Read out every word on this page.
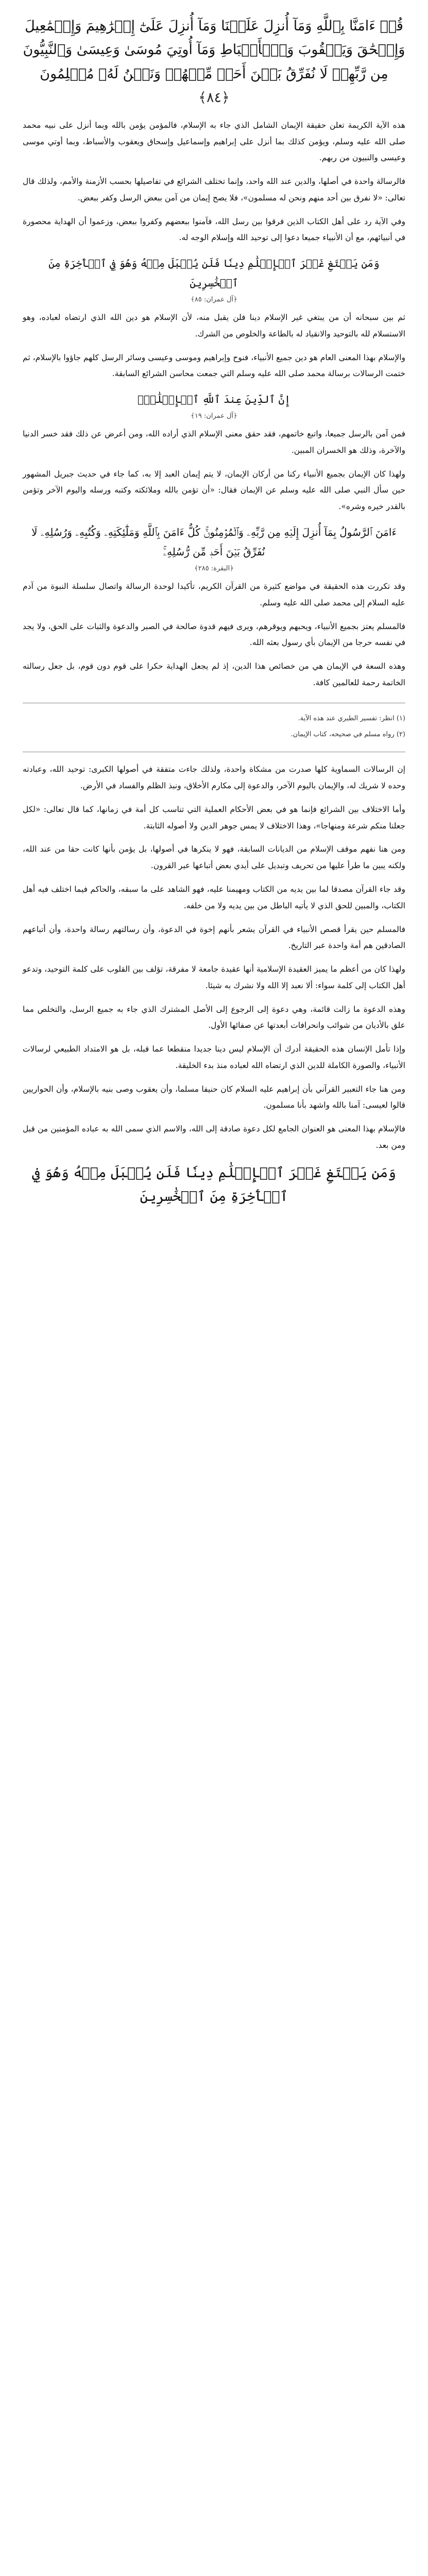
قُلۡ ءَامَنَّا بِٱللَّهِ وَمَآ أُنزِلَ عَلَيۡنَا وَمَآ أُنزِلَ عَلَىٰٓ إِبۡرَٰهِيمَ وَإِسۡمَٰعِيلَ وَإِسۡحَٰقَ وَيَعۡقُوبَ وَٱلۡأَسۡبَاطِ وَمَآ أُوتِيَ مُوسَىٰ وَعِيسَىٰ وَٱلنَّبِيُّونَ مِن رَّبِّهِمۡ لَا نُفَرِّقُ بَيۡنَ أَحَدٖ مِّنۡهُمۡ وَنَحۡنُ لَهُۥ مُسۡلِمُونَ ﴿٨٤﴾

هذه الآية الكريمة تعلن حقيقة الإيمان الشامل الذي جاء به الإسلام، فالمؤمن يؤمن بالله وبما أنزل على نبيه محمد صلى الله عليه وسلم، ويؤمن كذلك بما أنزل على إبراهيم وإسماعيل وإسحاق ويعقوب والأسباط، وبما أوتي موسى وعيسى والنبيون من ربهم.

فالرسالة واحدة في أصلها، والدين عند الله واحد، وإنما تختلف الشرائع في تفاصيلها بحسب الأزمنة والأمم، ولذلك قال تعالى: «لا نفرق بين أحد منهم ونحن له مسلمون»، فلا يصح إيمان من آمن ببعض الرسل وكفر ببعض.

وفي الآية رد على أهل الكتاب الذين فرقوا بين رسل الله، فآمنوا ببعضهم وكفروا ببعض، وزعموا أن الهداية محصورة في أنبيائهم، مع أن الأنبياء جميعا دعوا إلى توحيد الله وإسلام الوجه له.

وَمَن يَبۡتَغِ غَيۡرَ ٱلۡإِسۡلَٰمِ دِينٗا فَلَن يُقۡبَلَ مِنۡهُ وَهُوَ فِي ٱلۡأٓخِرَةِ مِنَ ٱلۡخَٰسِرِينَ
﴿آل عمران: ٨٥﴾

ثم بين سبحانه أن من يبتغي غير الإسلام دينا فلن يقبل منه، لأن الإسلام هو دين الله الذي ارتضاه لعباده، وهو الاستسلام لله بالتوحيد والانقياد له بالطاعة والخلوص من الشرك.

والإسلام بهذا المعنى العام هو دين جميع الأنبياء، فنوح وإبراهيم وموسى وعيسى وسائر الرسل كلهم جاؤوا بالإسلام، ثم ختمت الرسالات برسالة محمد صلى الله عليه وسلم التي جمعت محاسن الشرائع السابقة.

إِنَّ ٱلدِّينَ عِندَ ٱللَّهِ ٱلۡإِسۡلَٰمُۗ
﴿آل عمران: ١٩﴾

فمن آمن بالرسل جميعا، واتبع خاتمهم، فقد حقق معنى الإسلام الذي أراده الله، ومن أعرض عن ذلك فقد خسر الدنيا والآخرة، وذلك هو الخسران المبين.

ولهذا كان الإيمان بجميع الأنبياء ركنا من أركان الإيمان، لا يتم إيمان العبد إلا به، كما جاء في حديث جبريل المشهور حين سأل النبي صلى الله عليه وسلم عن الإيمان فقال: «أن تؤمن بالله وملائكته وكتبه ورسله واليوم الآخر وتؤمن بالقدر خيره وشره».

ءَامَنَ ٱلرَّسُولُ بِمَآ أُنزِلَ إِلَيۡهِ مِن رَّبِّهِۦ وَٱلۡمُؤۡمِنُونَۚ كُلٌّ ءَامَنَ بِٱللَّهِ وَمَلَٰٓئِكَتِهِۦ وَكُتُبِهِۦ وَرُسُلِهِۦ لَا نُفَرِّقُ بَيۡنَ أَحَدٖ مِّن رُّسُلِهِۦۚ
﴿البقرة: ٢٨٥﴾

وقد تكررت هذه الحقيقة في مواضع كثيرة من القرآن الكريم، تأكيدا لوحدة الرسالة واتصال سلسلة النبوة من آدم عليه السلام إلى محمد صلى الله عليه وسلم.

فالمسلم يعتز بجميع الأنبياء، ويحبهم ويوقرهم، ويرى فيهم قدوة صالحة في الصبر والدعوة والثبات على الحق، ولا يجد في نفسه حرجا من الإيمان بأي رسول بعثه الله.

وهذه السعة في الإيمان هي من خصائص هذا الدين، إذ لم يجعل الهداية حكرا على قوم دون قوم، بل جعل رسالته الخاتمة رحمة للعالمين كافة.

(١) انظر: تفسير الطبري عند هذه الآية.

(٢) رواه مسلم في صحيحه، كتاب الإيمان.

إن الرسالات السماوية كلها صدرت من مشكاة واحدة، ولذلك جاءت متفقة في أصولها الكبرى: توحيد الله، وعبادته وحده لا شريك له، والإيمان باليوم الآخر، والدعوة إلى مكارم الأخلاق، ونبذ الظلم والفساد في الأرض.

وأما الاختلاف بين الشرائع فإنما هو في بعض الأحكام العملية التي تناسب كل أمة في زمانها، كما قال تعالى: «لكل جعلنا منكم شرعة ومنهاجا»، وهذا الاختلاف لا يمس جوهر الدين ولا أصوله الثابتة.

ومن هنا نفهم موقف الإسلام من الديانات السابقة، فهو لا ينكرها في أصولها، بل يؤمن بأنها كانت حقا من عند الله، ولكنه يبين ما طرأ عليها من تحريف وتبديل على أيدي بعض أتباعها عبر القرون.

وقد جاء القرآن مصدقا لما بين يديه من الكتاب ومهيمنا عليه، فهو الشاهد على ما سبقه، والحاكم فيما اختلف فيه أهل الكتاب، والمبين للحق الذي لا يأتيه الباطل من بين يديه ولا من خلفه.

فالمسلم حين يقرأ قصص الأنبياء في القرآن يشعر بأنهم إخوة في الدعوة، وأن رسالتهم رسالة واحدة، وأن أتباعهم الصادقين هم أمة واحدة عبر التاريخ.

ولهذا كان من أعظم ما يميز العقيدة الإسلامية أنها عقيدة جامعة لا مفرقة، تؤلف بين القلوب على كلمة التوحيد، وتدعو أهل الكتاب إلى كلمة سواء: ألا نعبد إلا الله ولا نشرك به شيئا.

وهذه الدعوة ما زالت قائمة، وهي دعوة إلى الرجوع إلى الأصل المشترك الذي جاء به جميع الرسل، والتخلص مما علق بالأديان من شوائب وانحرافات أبعدتها عن صفائها الأول.

وإذا تأمل الإنسان هذه الحقيقة أدرك أن الإسلام ليس دينا جديدا منقطعا عما قبله، بل هو الامتداد الطبيعي لرسالات الأنبياء، والصورة الكاملة للدين الذي ارتضاه الله لعباده منذ بدء الخليقة.

ومن هنا جاء التعبير القرآني بأن إبراهيم عليه السلام كان حنيفا مسلما، وأن يعقوب وصى بنيه بالإسلام، وأن الحواريين قالوا لعيسى: آمنا بالله واشهد بأنا مسلمون.

فالإسلام بهذا المعنى هو العنوان الجامع لكل دعوة صادقة إلى الله، والاسم الذي سمى الله به عباده المؤمنين من قبل ومن بعد.

وَمَن يَبۡتَغِ غَيۡرَ ٱلۡإِسۡلَٰمِ دِينٗا فَلَن يُقۡبَلَ مِنۡهُ وَهُوَ فِي ٱلۡأٓخِرَةِ مِنَ ٱلۡخَٰسِرِينَ
